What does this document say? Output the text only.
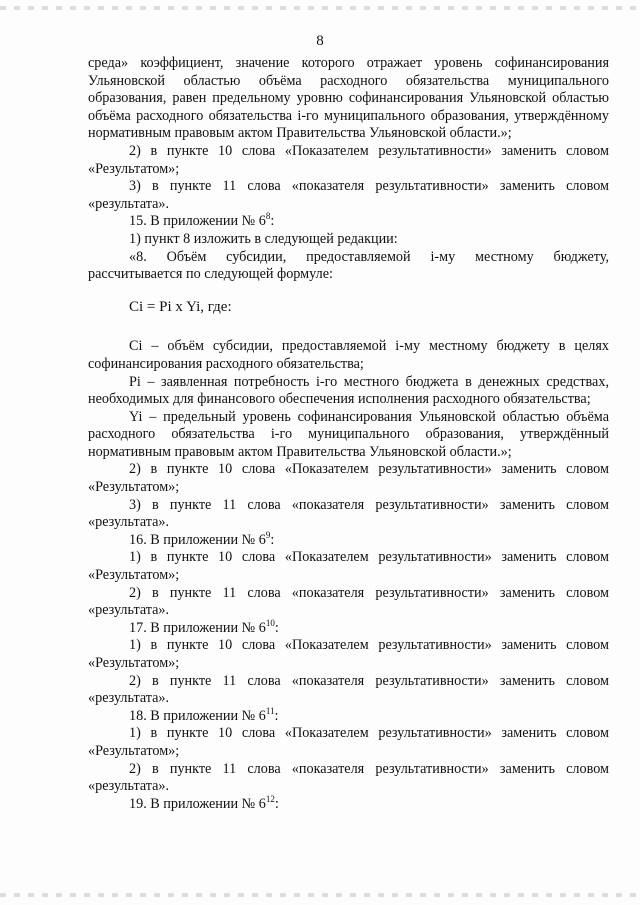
8

среда» коэффициент, значение которого отражает уровень софинансирования Ульяновской областью объёма расходного обязательства муниципального образования, равен предельному уровню софинансирования Ульяновской областью объёма расходного обязательства i-го муниципального образования, утверждённому нормативным правовым актом Правительства Ульяновской области.»;

2) в пункте 10 слова «Показателем результативности» заменить словом «Результатом»;

3) в пункте 11 слова «показателя результативности» заменить словом «результата».

15. В приложении № $6^8$:

1) пункт 8 изложить в следующей редакции:

«8. Объём субсидии, предоставляемой i-му местному бюджету, рассчитывается по следующей формуле:

Ci = Pi x Yi, где:

Ci – объём субсидии, предоставляемой i-му местному бюджету в целях софинансирования расходного обязательства;

Pi – заявленная потребность i-го местного бюджета в денежных средствах, необходимых для финансового обеспечения исполнения расходного обязательства;

Yi – предельный уровень софинансирования Ульяновской областью объёма расходного обязательства i-го муниципального образования, утверждённый нормативным правовым актом Правительства Ульяновской области.»;

2) в пункте 10 слова «Показателем результативности» заменить словом «Результатом»;

3) в пункте 11 слова «показателя результативности» заменить словом «результата».

16. В приложении № $6^9$:

1) в пункте 10 слова «Показателем результативности» заменить словом «Результатом»;

2) в пункте 11 слова «показателя результативности» заменить словом «результата».

17. В приложении № $6^{10}$:

1) в пункте 10 слова «Показателем результативности» заменить словом «Результатом»;

2) в пункте 11 слова «показателя результативности» заменить словом «результата».

18. В приложении № $6^{11}$:

1) в пункте 10 слова «Показателем результативности» заменить словом «Результатом»;

2) в пункте 11 слова «показателя результативности» заменить словом «результата».

19. В приложении № $6^{12}$:
